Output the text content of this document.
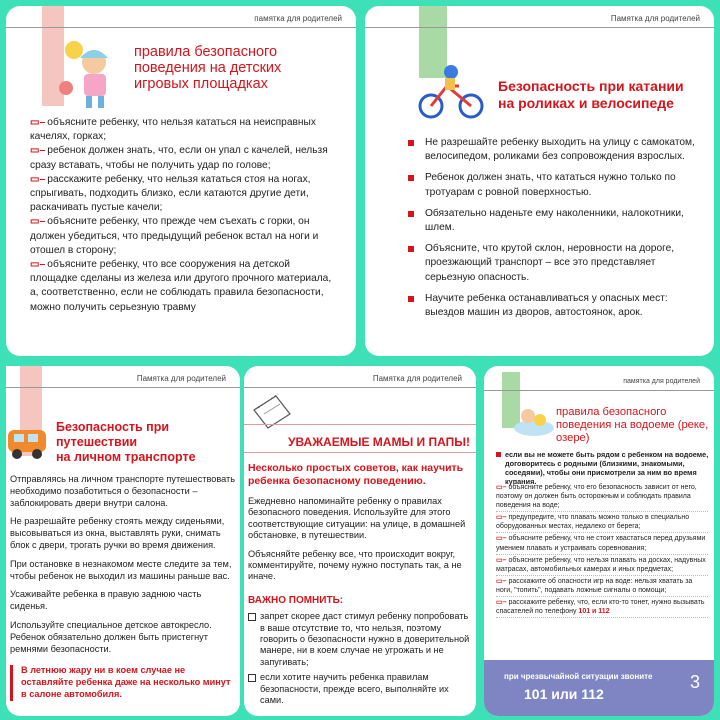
памятка для родителей
правила безопасного поведения на детских игровых площадках
▭– объясните ребенку, что нельзя кататься на неисправных качелях, горках;
▭– ребенок должен знать, что, если он упал с качелей, нельзя сразу вставать, чтобы не получить удар по голове;
▭– расскажите ребенку, что нельзя кататься стоя на ногах, спрыгивать, подходить близко, если катаются другие дети, раскачивать пустые качели;
▭– объясните ребенку, что прежде чем съехать с горки, он должен убедиться, что предыдущий ребенок встал на ноги и отошел в сторону;
▭– объясните ребенку, что все сооружения на детской площадке сделаны из железа или другого прочного материала, а, соответственно, если не соблюдать правила безопасности, можно получить серьезную травму
Памятка для родителей
Безопасность при катании
на роликах и велосипеде
Не разрешайте ребенку выходить на улицу с самокатом, велосипедом, роликами без сопровождения взрослых.
Ребенок должен знать, что кататься нужно только по тротуарам с ровной поверхностью.
Обязательно наденьте ему наколенники, налокотники, шлем.
Объясните, что крутой склон, неровности на дороге, проезжающий транспорт – все это представляет серьезную опасность.
Научите ребенка останавливаться у опасных мест: выездов машин из дворов, автостоянок, арок.
Памятка для родителей
Безопасность при путешествии
на личном транспорте

Отправляясь на личном транспорте путешествовать необходимо позаботиться о безопасности – заблокировать двери внутри салона.

Не разрешайте ребенку стоять между сиденьями, высовываться из окна, выставлять руки, снимать блок с двери, трогать ручки во время движения.

При остановке в незнакомом месте следите за тем, чтобы ребенок не выходил из машины раньше вас.

Усаживайте ребенка в правую заднюю часть сиденья.

Используйте специальное детское автокресло. Ребенок обязательно должен быть пристегнут ремнями безопасности.

В летнюю жару ни в коем случае не оставляйте ребенка даже на несколько минут в салоне автомобиля.
Памятка для родителей
УВАЖАЕМЫЕ МАМЫ И ПАПЫ!
Несколько простых советов, как научить ребенка безопасному поведению.

Ежедневно напоминайте ребенку о правилах безопасного поведения. Используйте для этого соответствующие ситуации: на улице, в домашней обстановке, в путешествии.

Объясняйте ребенку все, что происходит вокруг, комментируйте, почему нужно поступать так, а не иначе.

ВАЖНО ПОМНИТЬ:
запрет скорее даст стимул ребенку попробовать в ваше отсутствие то, что нельзя, поэтому говорить о безопасности нужно в доверительной манере, ни в коем случае не угрожать и не запугивать;
если хотите научить ребенка правилам безопасности, прежде всего, выполняйте их сами.
памятка для родителей
правила безопасного поведения на водоеме (реке, озере)
если вы не можете быть рядом с ребенком на водоеме, договоритесь с родными (близкими, знакомыми, соседями), чтобы они присмотрели за ним во время купания.
▭– объясните ребенку, что его безопасность зависит от него, поэтому он должен быть осторожным и соблюдать правила поведения на воде;
▭– предупредите, что плавать можно только в специально оборудованных местах, недалеко от берега;
▭– объясните ребенку, что не стоит хвастаться перед друзьями умением плавать и устраивать соревнования;
▭– объясните ребенку, что нельзя плавать на досках, надувных матрасах, автомобильных камерах и иных предметах;
▭– расскажите об опасности игр на воде: нельзя хватать за ноги, "топить", подавать ложные сигналы о помощи;
▭– расскажите ребенку, что, если кто-то тонет, нужно вызывать спасателей по телефону 101 и 112
при чрезвычайной ситуации звоните
101 или 112
3
